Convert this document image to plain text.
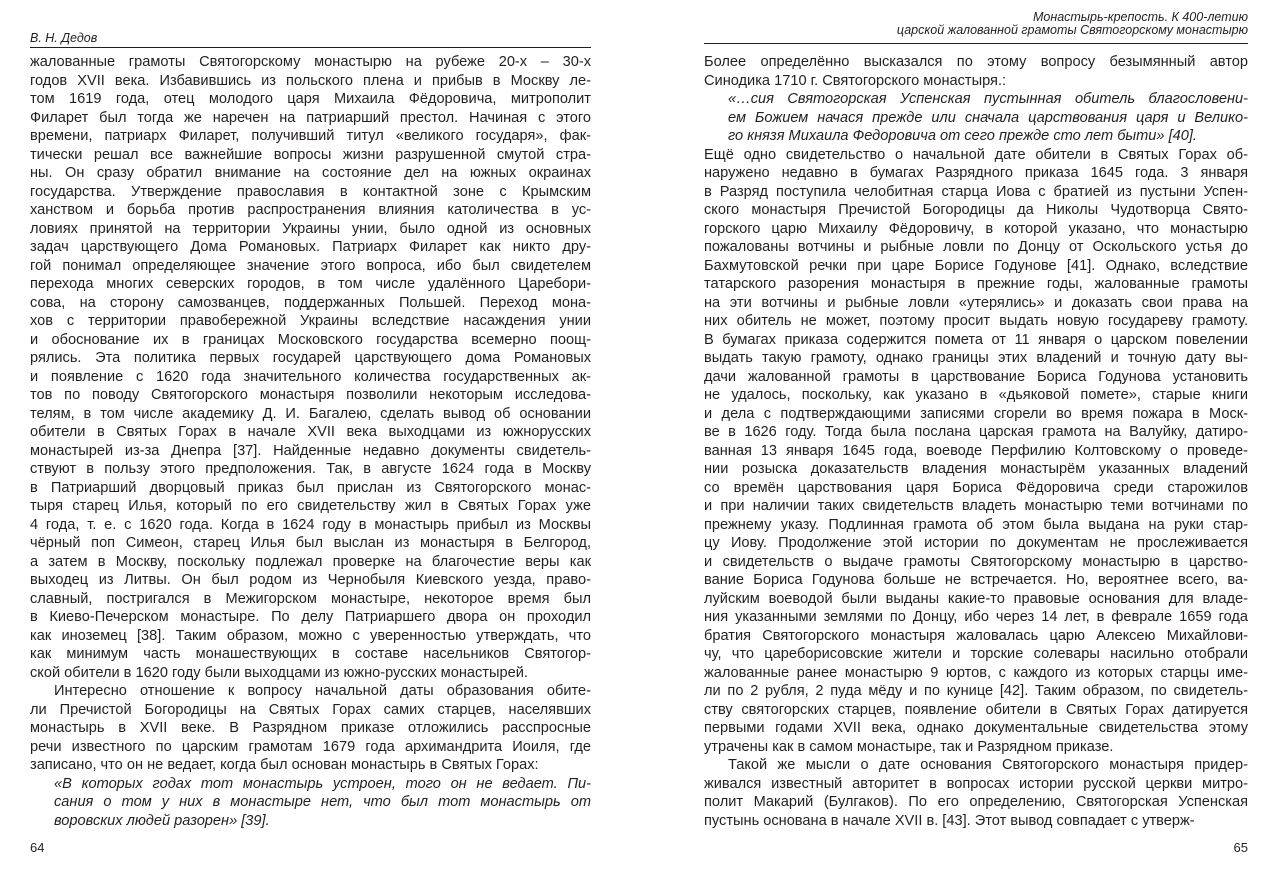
В. Н. Дедов
жалованные грамоты Святогорскому монастырю на рубеже 20-х – 30-х
годов XVII века. Избавившись из польского плена и прибыв в Москву ле-
том 1619 года, отец молодого царя Михаила Фёдоровича, митрополит
Филарет был тогда же наречен на патриарший престол. Начиная с этого
времени, патриарх Филарет, получивший титул «великого государя», фак-
тически решал все важнейшие вопросы жизни разрушенной смутой стра-
ны. Он сразу обратил внимание на состояние дел на южных окраинах
государства. Утверждение православия в контактной зоне с Крымским
ханством и борьба против распространения влияния католичества в ус-
ловиях принятой на территории Украины унии, было одной из основных
задач царствующего Дома Романовых. Патриарх Филарет как никто дру-
гой понимал определяющее значение этого вопроса, ибо был свидетелем
перехода многих северских городов, в том числе удалённого Царебори-
сова, на сторону самозванцев, поддержанных Польшей. Переход мона-
хов с территории правобережной Украины вследствие насаждения унии
и обоснование их в границах Московского государства всемерно поощ-
рялись. Эта политика первых государей царствующего дома Романовых
и появление с 1620 года значительного количества государственных ак-
тов по поводу Святогорского монастыря позволили некоторым исследова-
телям, в том числе академику Д. И. Багалею, сделать вывод об основании
обители в Святых Горах в начале XVII века выходцами из южнорусских
монастырей из-за Днепра [37]. Найденные недавно документы свидетель-
ствуют в пользу этого предположения. Так, в августе 1624 года в Москву
в Патриарший дворцовый приказ был прислан из Святогорского монас-
тыря старец Илья, который по его свидетельству жил в Святых Горах уже
4 года, т. е. с 1620 года. Когда в 1624 году в монастырь прибыл из Москвы
чёрный поп Симеон, старец Илья был выслан из монастыря в Белгород,
а затем в Москву, поскольку подлежал проверке на благочестие веры как
выходец из Литвы. Он был родом из Чернобыля Киевского уезда, право-
славный, постригался в Межигорском монастыре, некоторое время был
в Киево-Печерском монастыре. По делу Патриаршего двора он проходил
как иноземец [38]. Таким образом, можно с уверенностью утверждать, что
как минимум часть монашествующих в составе насельников Святогор-
ской обители в 1620 году были выходцами из южно-русских монастырей.
Интересно отношение к вопросу начальной даты образования обите-
ли Пречистой Богородицы на Святых Горах самих старцев, населявших
монастырь в XVII веке. В Разрядном приказе отложились расспросные
речи известного по царским грамотам 1679 года архимандрита Иоиля, где
записано, что он не ведает, когда был основан монастырь в Святых Горах:
«В которых годах тот монастырь устроен, того он не ведает. Пи-
сания о том у них в монастыре нет, что был тот монастырь от
воровских людей разорен» [39].
64
Монастырь-крепость. К 400-летию
царской жалованной грамоты Святогорскому монастырю
Более определённо высказался по этому вопросу безымянный автор
Синодика 1710 г. Святогорского монастыря.:
«…сия Святогорская Успенская пустынная обитель благословени-
ем Божием начася прежде или сначала царствования царя и Велико-
го князя Михаила Федоровича от сего прежде сто лет быти» [40].
Ещё одно свидетельство о начальной дате обители в Святых Горах об-
наружено недавно в бумагах Разрядного приказа 1645 года. 3 января
в Разряд поступила челобитная старца Иова с братией из пустыни Успен-
ского монастыря Пречистой Богородицы да Николы Чудотворца Свято-
горского царю Михаилу Фёдоровичу, в которой указано, что монастырю
пожалованы вотчины и рыбные ловли по Донцу от Оскольского устья до
Бахмутовской речки при царе Борисе Годунове [41]. Однако, вследствие
татарского разорения монастыря в прежние годы, жалованные грамоты
на эти вотчины и рыбные ловли «утерялись» и доказать свои права на
них обитель не может, поэтому просит выдать новую государеву грамоту.
В бумагах приказа содержится помета от 11 января о царском повелении
выдать такую грамоту, однако границы этих владений и точную дату вы-
дачи жалованной грамоты в царствование Бориса Годунова установить
не удалось, поскольку, как указано в «дьяковой помете», старые книги
и дела с подтверждающими записями сгорели во время пожара в Моск-
ве в 1626 году. Тогда была послана царская грамота на Валуйку, датиро-
ванная 13 января 1645 года, воеводе Перфилию Колтовскому о проведе-
нии розыска доказательств владения монастырём указанных владений
со времён царствования царя Бориса Фёдоровича среди старожилов
и при наличии таких свидетельств владеть монастырю теми вотчинами по
прежнему указу. Подлинная грамота об этом была выдана на руки стар-
цу Иову. Продолжение этой истории по документам не прослеживается
и свидетельств о выдаче грамоты Святогорскому монастырю в царство-
вание Бориса Годунова больше не встречается. Но, вероятнее всего, ва-
луйским воеводой были выданы какие-то правовые основания для владе-
ния указанными землями по Донцу, ибо через 14 лет, в феврале 1659 года
братия Святогорского монастыря жаловалась царю Алексею Михайлови-
чу, что царeборисовские жители и торские солевары насильно отобрали
жалованные ранее монастырю 9 юртов, с каждого из которых старцы име-
ли по 2 рубля, 2 пуда мёду и по кунице [42]. Таким образом, по свидетель-
ству святогорских старцев, появление обители в Святых Горах датируется
первыми годами XVII века, однако документальные свидетельства этому
утрачены как в самом монастыре, так и Разрядном приказе.
Такой же мысли о дате основания Святогорского монастыря придер-
живался известный авторитет в вопросах истории русской церкви митро-
полит Макарий (Булгаков). По его определению, Святогорская Успенская
пустынь основана в начале XVII в. [43]. Этот вывод совпадает с утверж-
65
